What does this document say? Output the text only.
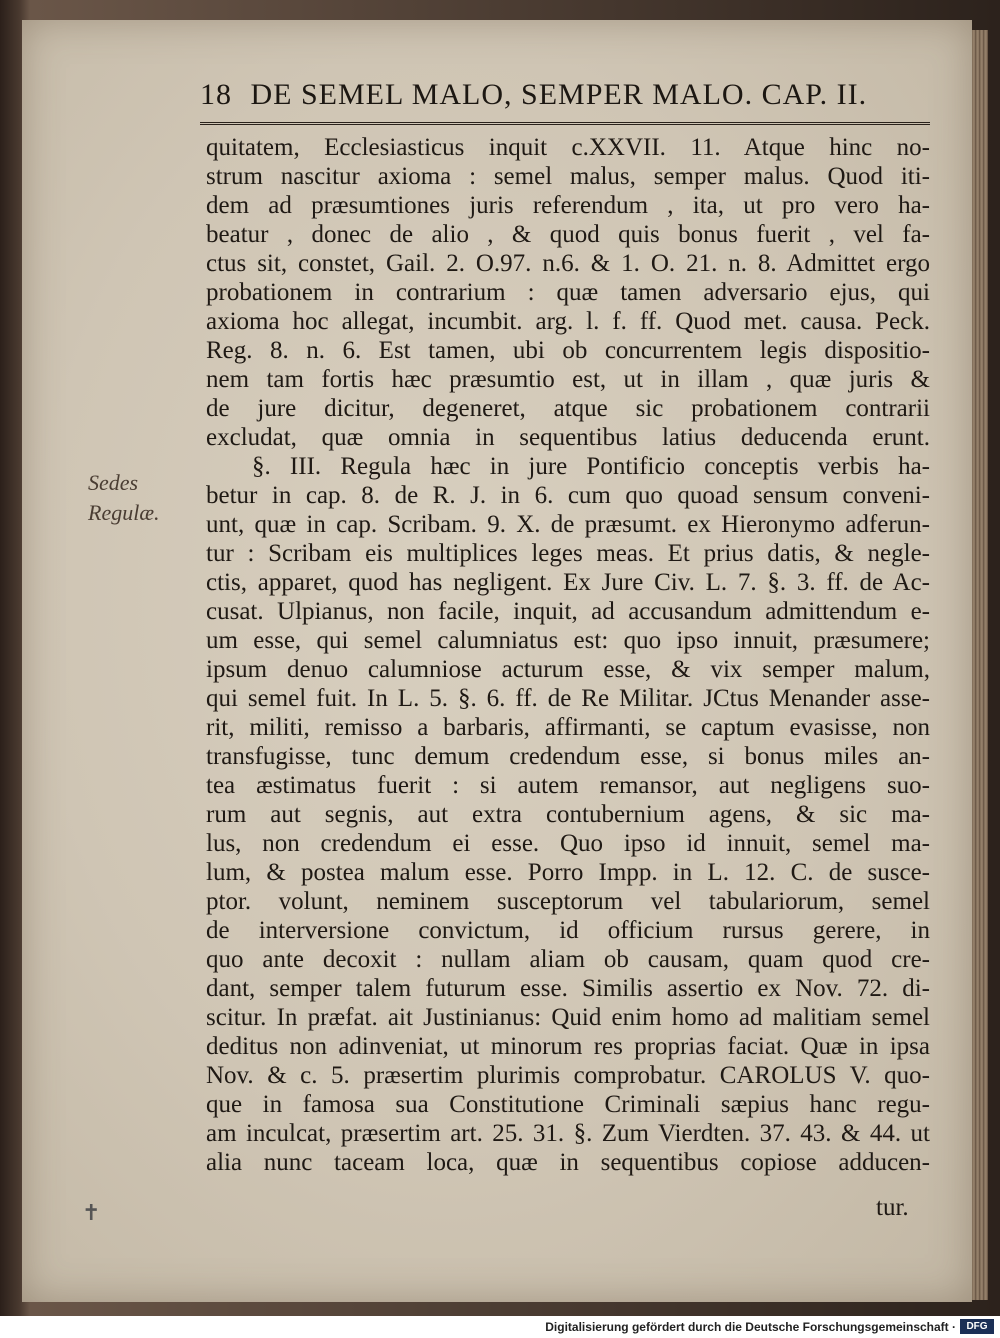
18 DE SEMEL MALO, SEMPER MALO. CAP. II.
Sedes Regulæ.
quitatem, Ecclesiasticus inquit c.XXVII. 11. Atque hinc no-
strum nascitur axioma : semel malus, semper malus. Quod iti-
dem ad præsumtiones juris referendum , ita, ut pro vero ha-
beatur , donec de alio , & quod quis bonus fuerit , vel fa-
ctus sit, constet, Gail. 2. O.97. n.6. & 1. O. 21. n. 8. Admittet ergo
probationem in contrarium : quæ tamen adversario ejus, qui
axioma hoc allegat, incumbit. arg. l. f. ff. Quod met. causa. Peck.
Reg. 8. n. 6. Est tamen, ubi ob concurrentem legis dispositio-
nem tam fortis hæc præsumtio est, ut in illam , quæ juris &
de jure dicitur, degeneret, atque sic probationem contrarii
excludat, quæ omnia in sequentibus latius deducenda erunt.
§. III. Regula hæc in jure Pontificio conceptis verbis ha-
betur in cap. 8. de R. J. in 6. cum quo quoad sensum conveni-
unt, quæ in cap. Scribam. 9. X. de præsumt. ex Hieronymo adferun-
tur : Scribam eis multiplices leges meas. Et prius datis, & negle-
ctis, apparet, quod has negligent. Ex Jure Civ. L. 7. §. 3. ff. de Ac-
cusat. Ulpianus, non facile, inquit, ad accusandum admittendum e-
um esse, qui semel calumniatus est: quo ipso innuit, præsumere;
ipsum denuo calumniose acturum esse, & vix semper malum,
qui semel fuit. In L. 5. §. 6. ff. de Re Militar. JCtus Menander asse-
rit, militi, remisso a barbaris, affirmanti, se captum evasisse, non
transfugisse, tunc demum credendum esse, si bonus miles an-
tea æstimatus fuerit : si autem remansor, aut negligens suo-
rum aut segnis, aut extra contubernium agens, & sic ma-
lus, non credendum ei esse. Quo ipso id innuit, semel ma-
lum, & postea malum esse. Porro Impp. in L. 12. C. de susce-
ptor. volunt, neminem susceptorum vel tabulariorum, semel
de interversione convictum, id officium rursus gerere, in
quo ante decoxit : nullam aliam ob causam, quam quod cre-
dant, semper talem futurum esse. Similis assertio ex Nov. 72. di-
scitur. In præfat. ait Justinianus: Quid enim homo ad malitiam semel
deditus non adinveniat, ut minorum res proprias faciat. Quæ in ipsa
Nov. & c. 5. præsertim plurimis comprobatur. CAROLUS V. quo-
que in famosa sua Constitutione Criminali sæpius hanc regu-
am inculcat, præsertim art. 25. 31. §. Zum Vierdten. 37. 43. & 44. ut
alia nunc taceam loca, quæ in sequentibus copiose adducen-
tur.
✝
Digitalisierung gefördert durch die Deutsche Forschungsgemeinschaft ·	DFG
